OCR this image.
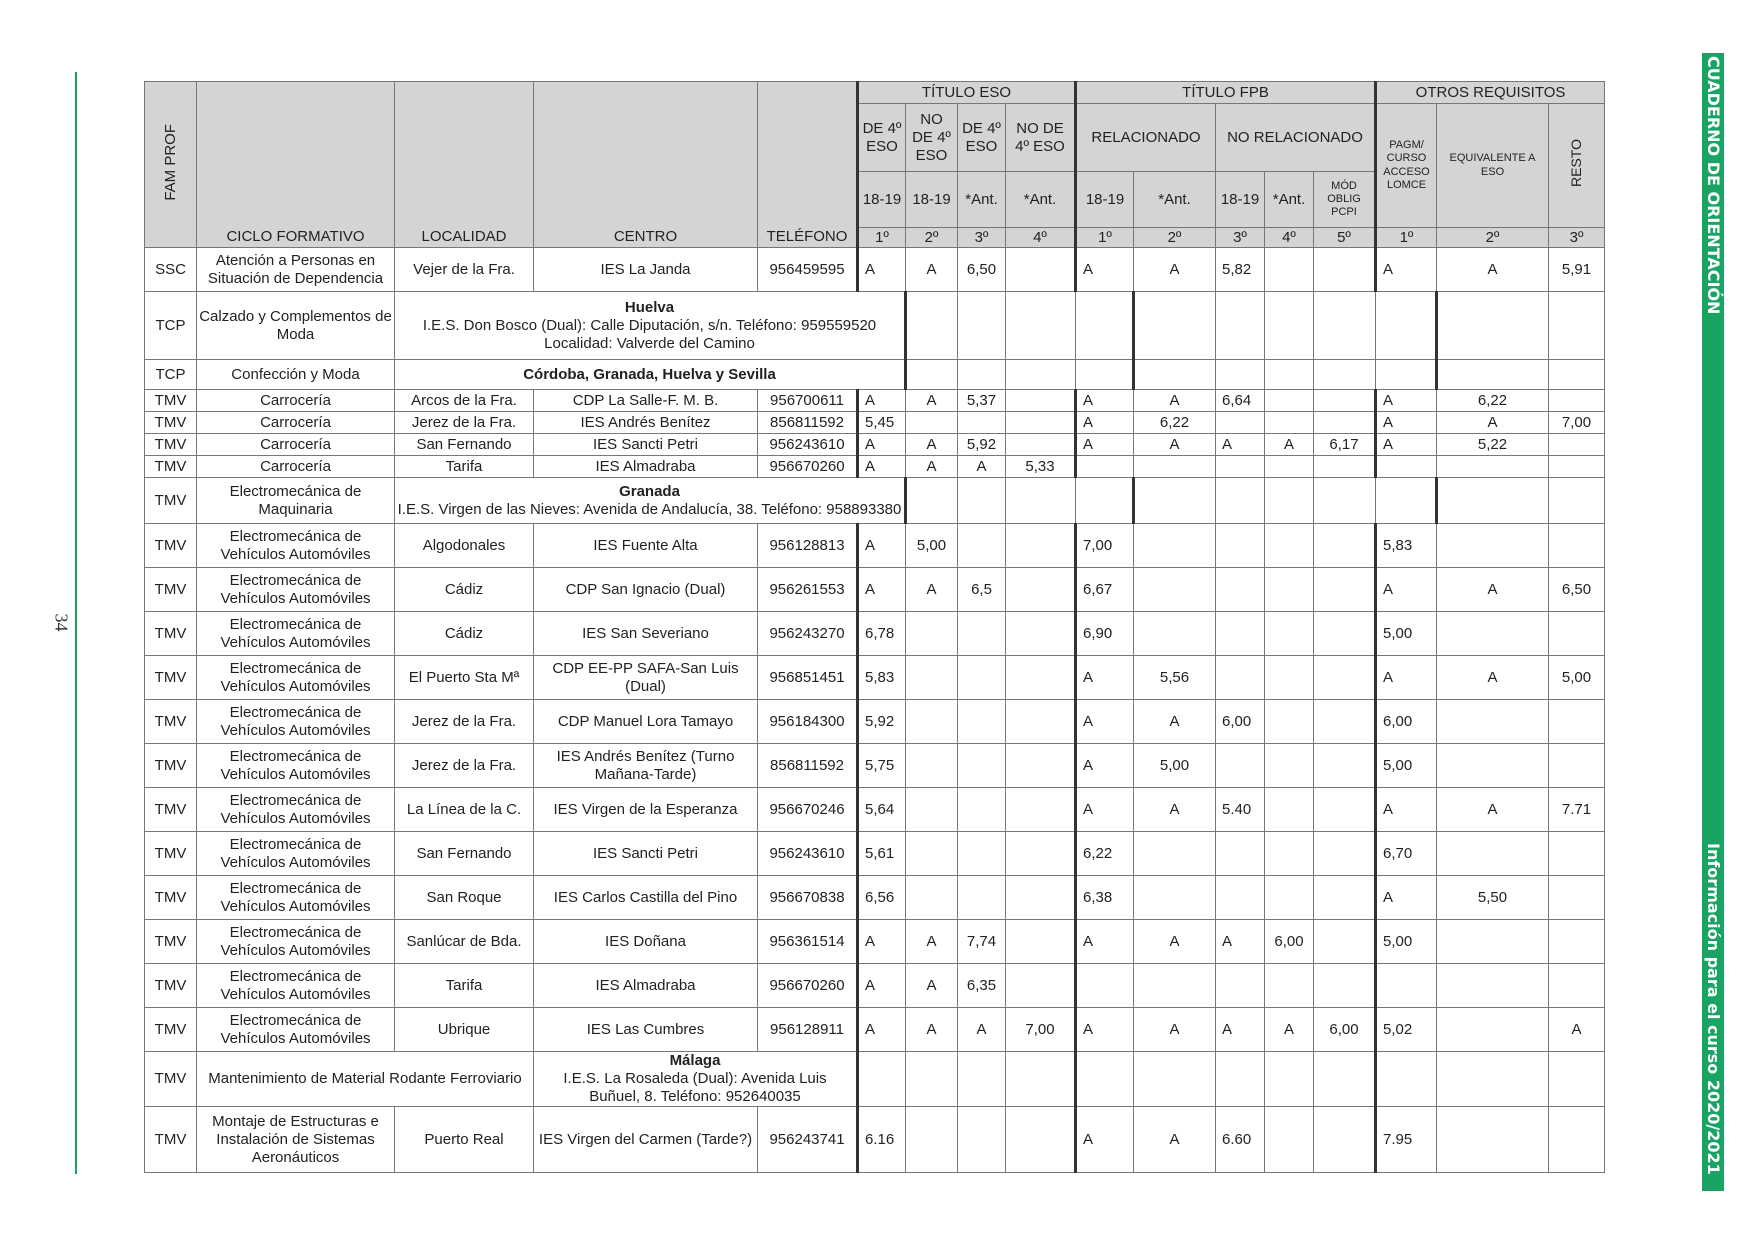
34
CUADERNO DE ORIENTACIÓN
Información para el curso 2020/2021
FAM PROF	CICLO FORMATIVO	LOCALIDAD	CENTRO	TELÉFONO	TÍTULO ESO				TÍTULO FPB					OTROS REQUISITOS			
					DE 4º ESO	NO DE 4º ESO	DE 4º ESO	NO DE 4º ESO	RELACIONADO		NO RELACIONADO			PAGM/ CURSO ACCESO LOMCE	EQUIVALENTE A ESO	RESTO	
					18-19	18-19	*Ant.	*Ant.	18-19	*Ant.	18-19	*Ant.	MÓD OBLIG PCPI				
					1º	2º	3º	4º	1º	2º	3º	4º	5º	1º	2º	3º	
SSC	Atención a Personas en Situación de Dependencia	Vejer de la Fra.	IES La Janda	956459595	A	A	6,50		A	A	5,82			A	A	5,91	
TCP	Calzado y Complementos de Moda	Huelva
I.E.S. Don Bosco (Dual): Calle Diputación, s/n. Teléfono: 959559520
Localidad: Valverde del Camino															

TCP	Confección y Moda	Córdoba, Granada, Huelva y Sevilla															

TMV	Carrocería	Arcos de la Fra.	CDP La Salle-F. M. B.	956700611	A	A	5,37		A	A	6,64			A	6,22		
TMV	Carrocería	Jerez de la Fra.	IES Andrés Benítez	856811592	5,45				A	6,22				A	A	7,00	
TMV	Carrocería	San Fernando	IES Sancti Petri	956243610	A	A	5,92		A	A	A	A	6,17	A	5,22		
TMV	Carrocería	Tarifa	IES Almadraba	956670260	A	A	A	5,33									
TMV	Electromecánica de Maquinaria	Granada
I.E.S. Virgen de las Nieves: Avenida de Andalucía, 38. Teléfono: 958893380															

TMV	Electromecánica de Vehículos Automóviles	Algodonales	IES Fuente Alta	956128813	A	5,00			7,00					5,83			
TMV	Electromecánica de Vehículos Automóviles	Cádiz	CDP San Ignacio (Dual)	956261553	A	A	6,5		6,67					A	A	6,50	
TMV	Electromecánica de Vehículos Automóviles	Cádiz	IES San Severiano	956243270	6,78				6,90					5,00			
TMV	Electromecánica de Vehículos Automóviles	El Puerto Sta Mª	CDP EE-PP SAFA-San Luis (Dual)	956851451	5,83				A	5,56				A	A	5,00	
TMV	Electromecánica de Vehículos Automóviles	Jerez de la Fra.	CDP Manuel Lora Tamayo	956184300	5,92				A	A	6,00			6,00			
TMV	Electromecánica de Vehículos Automóviles	Jerez de la Fra.	IES Andrés Benítez (Turno Mañana-Tarde)	856811592	5,75				A	5,00				5,00			
TMV	Electromecánica de Vehículos Automóviles	La Línea de la C.	IES Virgen de la Esperanza	956670246	5,64				A	A	5.40			A	A	7.71	
TMV	Electromecánica de Vehículos Automóviles	San Fernando	IES Sancti Petri	956243610	5,61				6,22					6,70			
TMV	Electromecánica de Vehículos Automóviles	San Roque	IES Carlos Castilla del Pino	956670838	6,56				6,38					A	5,50		
TMV	Electromecánica de Vehículos Automóviles	Sanlúcar de Bda.	IES Doñana	956361514	A	A	7,74		A	A	A	6,00		5,00			
TMV	Electromecánica de Vehículos Automóviles	Tarifa	IES Almadraba	956670260	A	A	6,35										
TMV	Electromecánica de Vehículos Automóviles	Ubrique	IES Las Cumbres	956128911	A	A	A	7,00	A	A	A	A	6,00	5,02		A	
TMV	Mantenimiento de Material Rodante Ferroviario		Málaga
I.E.S. La Rosaleda (Dual): Avenida Luis Buñuel, 8. Teléfono: 952640035														

TMV	Montaje de Estructuras e Instalación de Sistemas Aeronáuticos	Puerto Real	IES Virgen del Carmen (Tarde?)	956243741	6.16				A	A	6.60			7.95			
